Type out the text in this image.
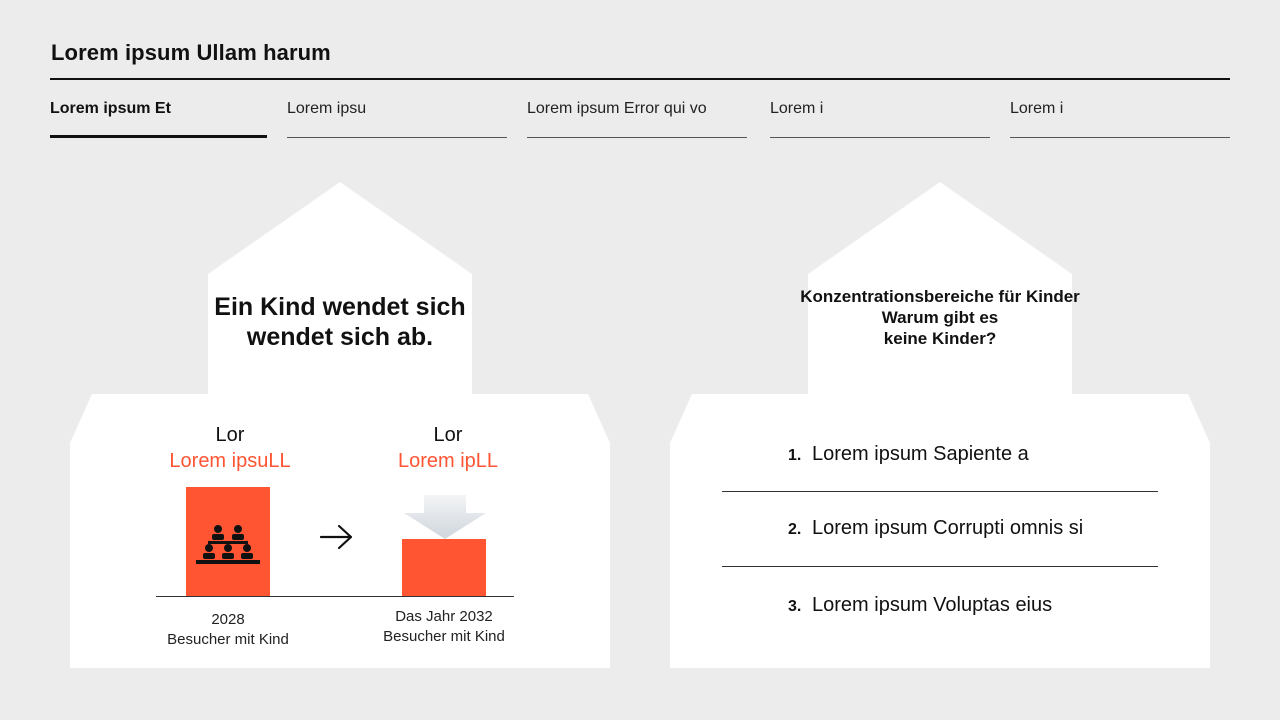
Lorem ipsum Ullam harum
Lorem ipsum Et	Lorem ipsu	Lorem ipsum Error qui vo	Lorem i	Lorem i
Ein Kind wendet sich wendet sich ab.
Lor
Lorem ipsuLL
Lor
Lorem ipLL
2028
Besucher mit Kind
Das Jahr 2032
Besucher mit Kind
Konzentrationsbereiche für Kinder
Warum gibt es
keine Kinder?
1. Lorem ipsum Sapiente a
2. Lorem ipsum Corrupti omnis si
3. Lorem ipsum Voluptas eius
